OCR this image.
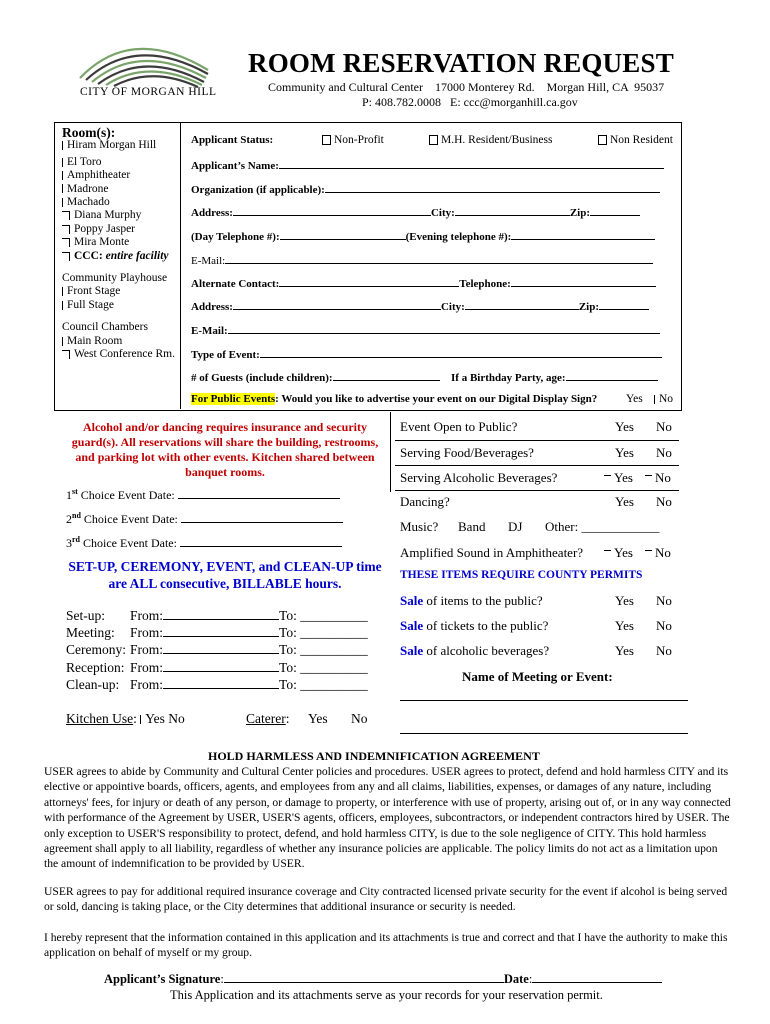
CITY OF MORGAN HILL
ROOM RESERVATION REQUEST
Community and Cultural Center    17000 Monterey Rd.    Morgan Hill, CA  95037
P: 408.782.0008   E: ccc@morganhill.ca.gov
Room(s):
Hiram Morgan Hill
El Toro
Amphitheater
Madrone
Machado
Diana Murphy
Poppy Jasper
Mira Monte
CCC: entire facility
Community Playhouse
Front Stage
Full Stage
Council Chambers
Main Room
West Conference Rm.
Applicant Status:	Non-Profit	M.H. Resident/Business	Non Resident
Applicant’s Name:
Organization (if applicable):
Address:	City:	Zip:
(Day Telephone #):	(Evening telephone #):
E-Mail:
Alternate Contact:	Telephone:
Address:	City:	Zip:
E-Mail:
Type of Event:
# of Guests (include children):	If a Birthday Party, age:
For Public Events: Would you like to advertise your event on our Digital Display Sign?	Yes	No
Alcohol and/or dancing requires insurance and security guard(s). All reservations will share the building, restrooms, and parking lot with other events. Kitchen shared between banquet rooms.
1st Choice Event Date:
2nd Choice Event Date:
3rd Choice Event Date:
SET-UP, CEREMONY, EVENT, and CLEAN-UP time are ALL consecutive, BILLABLE hours.
Set-up: From:	To: __________
Meeting: From:	To: __________
Ceremony: From:	To: __________
Reception: From:	To: __________
Clean-up: From:	To: __________
Kitchen Use: Yes No	Caterer: Yes No
Event Open to Public?	Yes No
Serving Food/Beverages?	Yes No
Serving Alcoholic Beverages?	Yes	No
Dancing?	Yes No
Music? Band DJ Other: ____________
Amplified Sound in Amphitheater?	Yes	No
THESE ITEMS REQUIRE COUNTY PERMITS
Sale of items to the public?	Yes No
Sale of tickets to the public?	Yes No
Sale of alcoholic beverages?	Yes No
Name of Meeting or Event:
HOLD HARMLESS AND INDEMNIFICATION AGREEMENT
USER agrees to abide by Community and Cultural Center policies and procedures. USER agrees to protect, defend and hold harmless CITY and its elective or appointive boards, officers, agents, and employees from any and all claims, liabilities, expenses, or damages of any nature, including attorneys' fees, for injury or death of any person, or damage to property, or interference with use of property, arising out of, or in any way connected with performance of the Agreement by USER, USER'S agents, officers, employees, subcontractors, or independent contractors hired by USER. The only exception to USER'S responsibility to protect, defend, and hold harmless CITY, is due to the sole negligence of CITY. This hold harmless agreement shall apply to all liability, regardless of whether any insurance policies are applicable. The policy limits do not act as a limitation upon the amount of indemnification to be provided by USER.
USER agrees to pay for additional required insurance coverage and City contracted licensed private security for the event if alcohol is being served or sold, dancing is taking place, or the City determines that additional insurance or security is needed.
I hereby represent that the information contained in this application and its attachments is true and correct and that I have the authority to make this application on behalf of myself or my group.
Applicant’s Signature:	Date:
This Application and its attachments serve as your records for your reservation permit.
